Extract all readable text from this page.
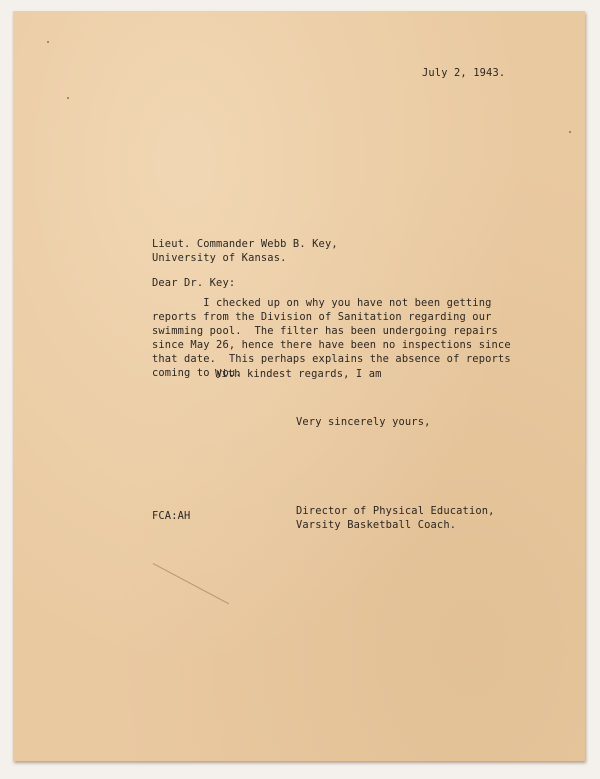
July 2, 1943.
Lieut. Commander Webb B. Key,
University of Kansas.
Dear Dr. Key:
I checked up on why you have not been getting
reports from the Division of Sanitation regarding our
swimming pool.  The filter has been undergoing repairs
since May 26, hence there have been no inspections since
that date.  This perhaps explains the absence of reports
coming to you.
With kindest regards, I am
Very sincerely yours,
Director of Physical Education,
Varsity Basketball Coach.
FCA:AH
